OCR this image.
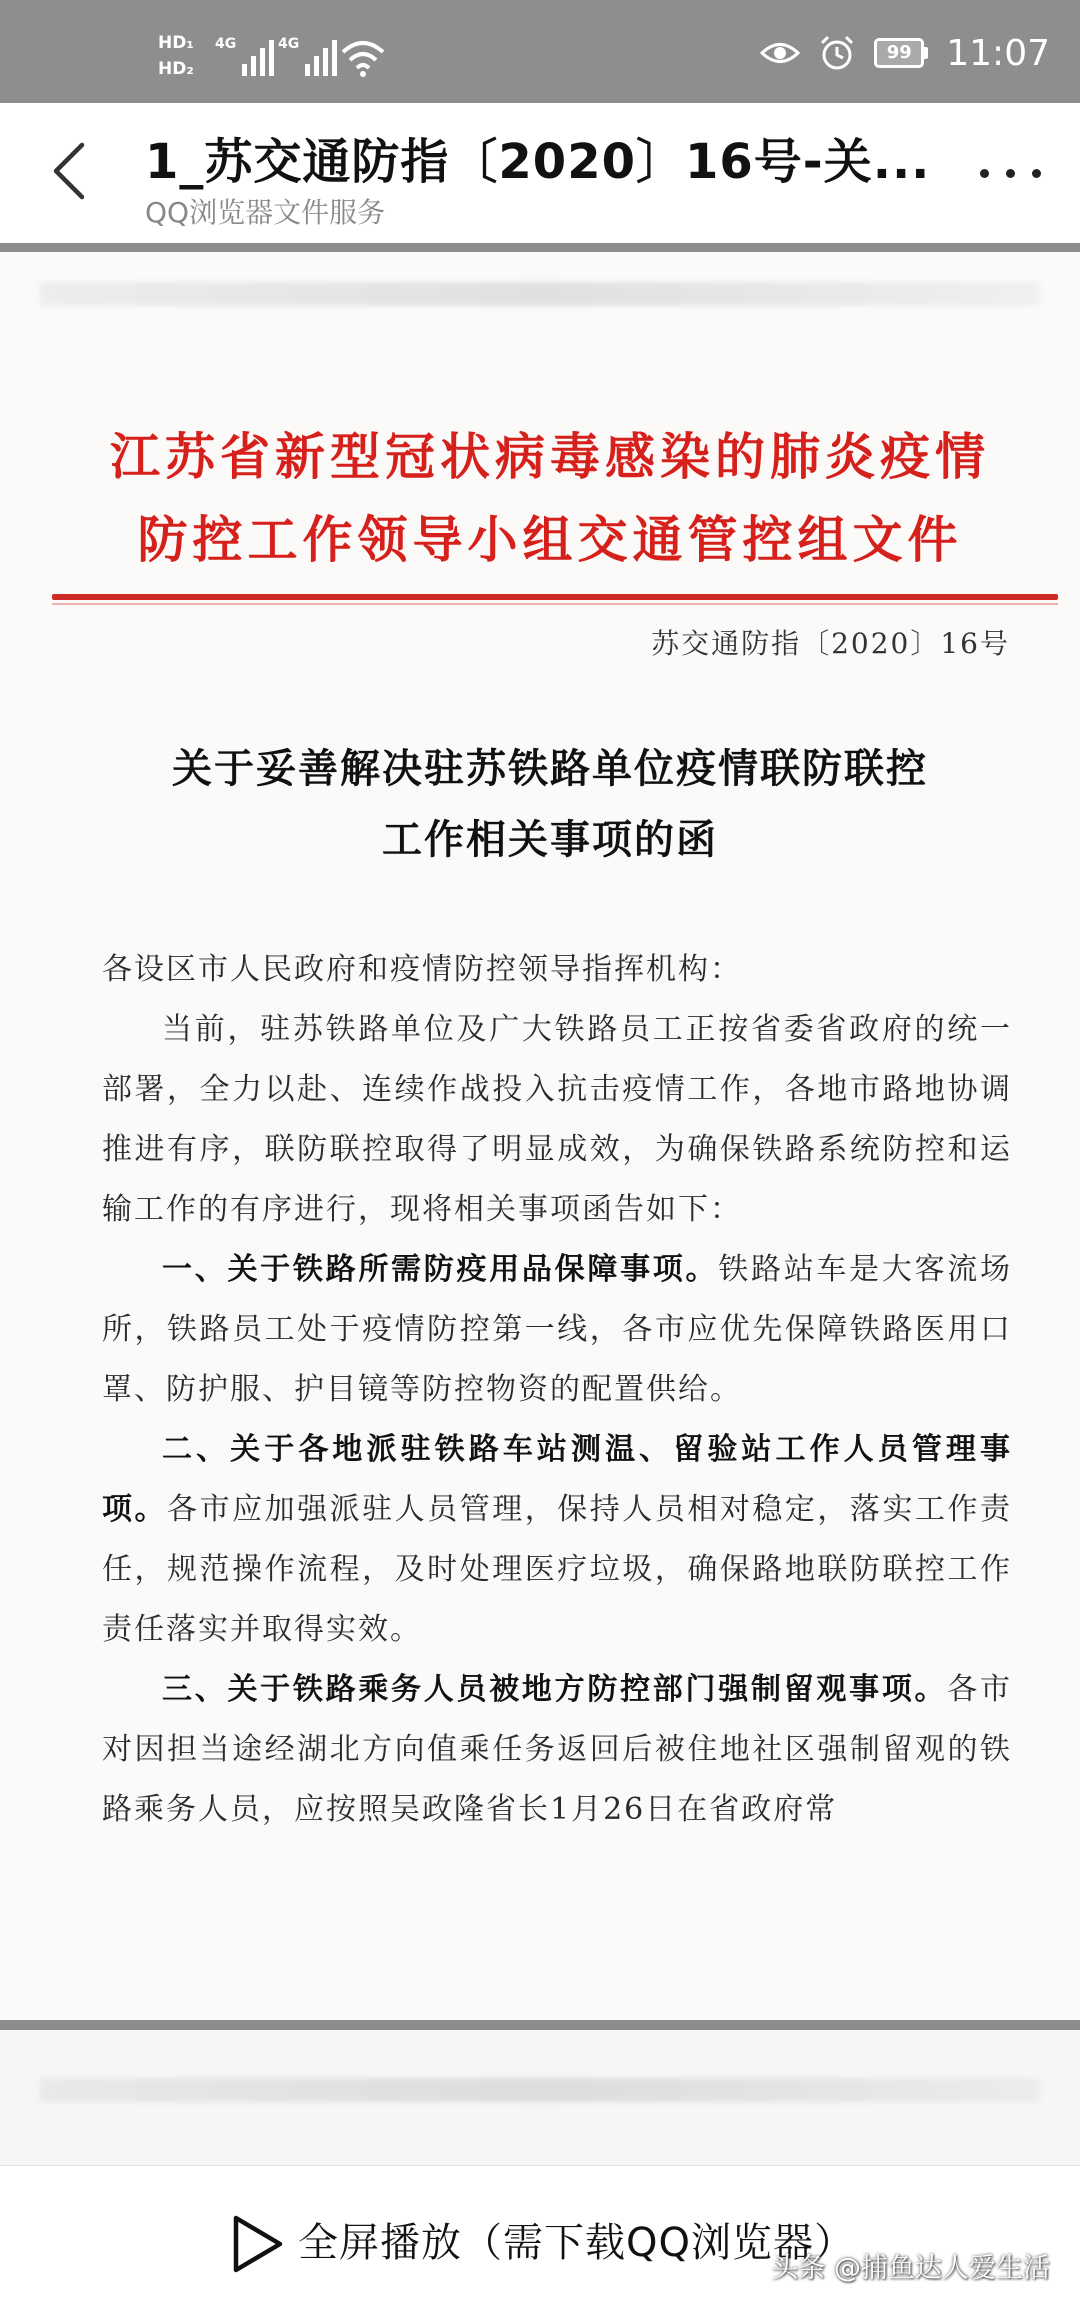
HD₁
HD₂
4G	4G	99 11:07
1_苏交通防指〔2020〕16号-关...
QQ浏览器文件服务
江苏省新型冠状病毒感染的肺炎疫情
防控工作领导小组交通管控组文件
苏交通防指〔2020〕16号
关于妥善解决驻苏铁路单位疫情联防联控
工作相关事项的函
各设区市人民政府和疫情防控领导指挥机构：
当前，驻苏铁路单位及广大铁路员工正按省委省政府的统一部署，全力以赴、连续作战投入抗击疫情工作，各地市路地协调推进有序，联防联控取得了明显成效，为确保铁路系统防控和运输工作的有序进行，现将相关事项函告如下：
一、关于铁路所需防疫用品保障事项。铁路站车是大客流场所，铁路员工处于疫情防控第一线，各市应优先保障铁路医用口罩、防护服、护目镜等防控物资的配置供给。
二、关于各地派驻铁路车站测温、留验站工作人员管理事项。各市应加强派驻人员管理，保持人员相对稳定，落实工作责任，规范操作流程，及时处理医疗垃圾，确保路地联防联控工作责任落实并取得实效。
三、关于铁路乘务人员被地方防控部门强制留观事项。各市对因担当途经湖北方向值乘任务返回后被住地社区强制留观的铁路乘务人员，应按照吴政隆省长1月26日在省政府常
全屏播放（需下载QQ浏览器）
头条 @捕鱼达人爱生活
